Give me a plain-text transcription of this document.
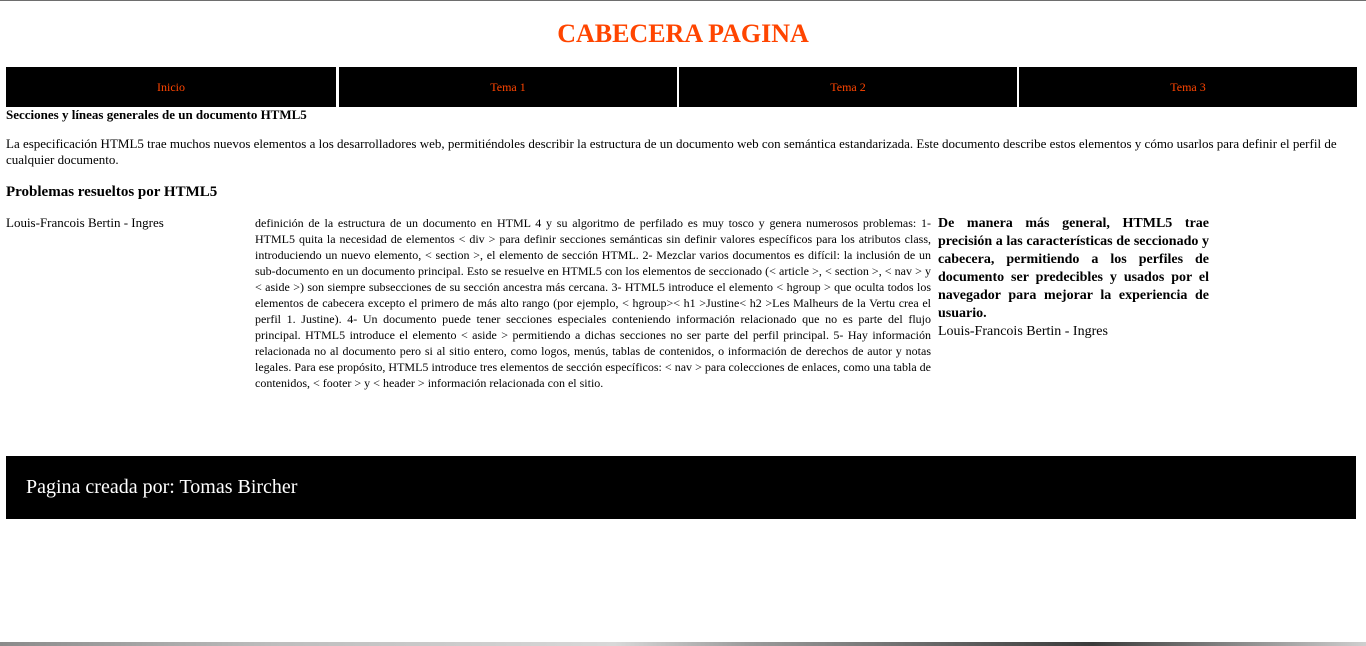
CABECERA PAGINA
Inicio	Tema 1	Tema 2	Tema 3
Secciones y líneas generales de un documento HTML5

La especificación HTML5 trae muchos nuevos elementos a los desarrolladores web, permitiéndoles describir la estructura de un documento web con semántica estandarizada. Este documento describe estos elementos y cómo usarlos para definir el perfil de cualquier documento.

Problemas resueltos por HTML5
Louis-Francois Bertin - Ingres	definición de la estructura de un documento en HTML 4 y su algoritmo de perfilado es muy tosco y genera numerosos problemas: 1- HTML5 quita la necesidad de elementos < div > para definir secciones semánticas sin definir valores específicos para los atributos class, introduciendo un nuevo elemento, < section >, el elemento de sección HTML. 2- Mezclar varios documentos es difícil: la inclusión de un sub-documento en un documento principal. Esto se resuelve en HTML5 con los elementos de seccionado (< article >, < section >, < nav > y < aside >) son siempre subsecciones de su sección ancestra más cercana. 3- HTML5 introduce el elemento < hgroup > que oculta todos los elementos de cabecera excepto el primero de más alto rango (por ejemplo, < hgroup>< h1 >Justine< h2 >Les Malheurs de la Vertu crea el perfil 1. Justine). 4- Un documento puede tener secciones especiales conteniendo información relacionado que no es parte del flujo principal. HTML5 introduce el elemento < aside > permitiendo a dichas secciones no ser parte del perfil principal. 5- Hay información relacionada no al documento pero si al sitio entero, como logos, menús, tablas de contenidos, o información de derechos de autor y notas legales. Para ese propósito, HTML5 introduce tres elementos de sección específicos: < nav > para colecciones de enlaces, como una tabla de contenidos, < footer > y < header > información relacionada con el sitio.

De manera más general, HTML5 trae precisión a las características de seccionado y cabecera, permitiendo a los perfiles de documento ser predecibles y usados por el navegador para mejorar la experiencia de usuario.

Louis-Francois Bertin - Ingres
Pagina creada por: Tomas Bircher
